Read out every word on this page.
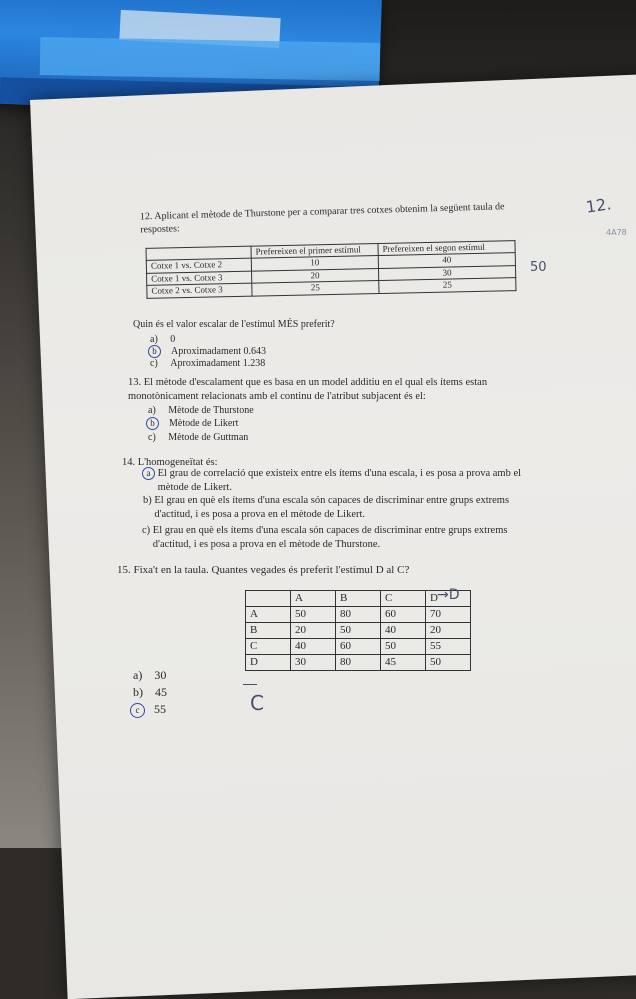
12. Aplicant el mètode de Thurstone per a comparar tres cotxes obtenim la següent taula de respostes:

	Prefereixen el primer estímul	Prefereixen el segon estímul
Cotxe 1 vs. Cotxe 2	10	40
Cotxe 1 vs. Cotxe 3	20	30
Cotxe 2 vs. Cotxe 3	25	25

Quin és el valor escalar de l'estímul MÉS preferit?

a) 0
b Aproximadament 0.643
c) Aproximadament 1.238

13. El mètode d'escalament que es basa en un model additiu en el qual els ítems estan monotònicament relacionats amb el continu de l'atribut subjacent és el:

a) Mètode de Thurstone
b Mètode de Likert
c) Mètode de Guttman

14. L'homogeneïtat és:

a El grau de correlació que existeix entre els ítems d'una escala, i es posa a prova amb el mètode de Likert.
b) El grau en què els ítems d'una escala són capaces de discriminar entre grups extrems d'actitud, i es posa a prova en el mètode de Likert.
c) El grau en què els ítems d'una escala són capaces de discriminar entre grups extrems d'actitud, i es posa a prova en el mètode de Thurstone.

15. Fixa't en la taula. Quantes vegades és preferit l'estímul D al C?

	A	B	C	D
A	50	80	60	70
B	20	50	40	20
C	40	60	50	55
D	30	80	45	50
a) 30
b) 45
c 55
12.
4A78
50
→D
C
